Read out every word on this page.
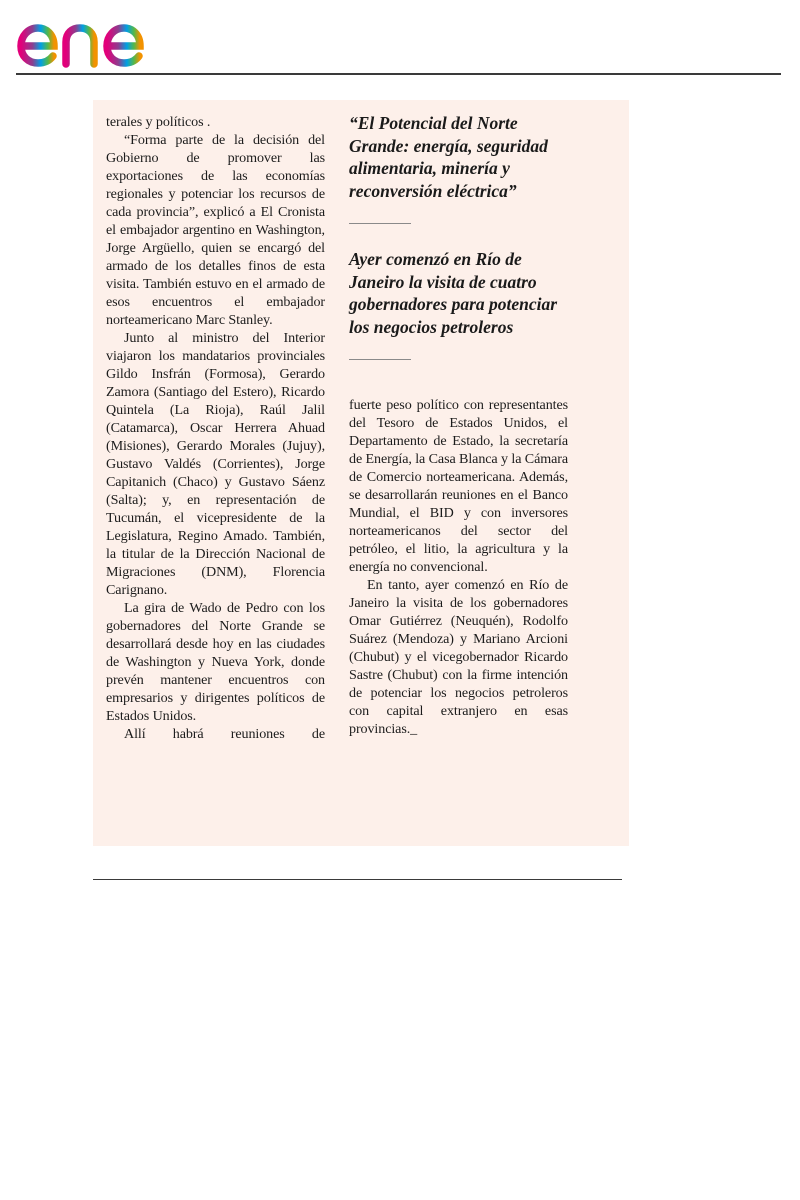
terales y políticos .

“Forma parte de la decisión del Gobierno de promover las exportaciones de las economías regionales y potenciar los recursos de cada provincia”, explicó a El Cronista el embajador argentino en Washington, Jorge Argüello, quien se encargó del armado de los detalles finos de esta visita. También estuvo en el armado de esos encuentros el embajador norteamericano Marc Stanley.

Junto al ministro del Interior viajaron los mandatarios provinciales Gildo Insfrán (Formosa), Gerardo Zamora (Santiago del Estero), Ricardo Quintela (La Rioja), Raúl Jalil (Catamarca), Oscar Herrera Ahuad (Misiones), Gerardo Morales (Jujuy), Gustavo Valdés (Corrientes), Jorge Capitanich (Chaco) y Gustavo Sáenz (Salta); y, en representación de Tucumán, el vicepresidente de la Legislatura, Regino Amado. También, la titular de la Dirección Nacional de Migraciones (DNM), Florencia Carignano.

La gira de Wado de Pedro con los gobernadores del Norte Grande se desarrollará desde hoy en las ciudades de Washington y Nueva York, donde prevén mantener encuentros con empresarios y dirigentes políticos de Estados Unidos.

Allí habrá reuniones de

“El Potencial del Norte Grande: energía, seguridad alimentaria, minería y reconversión eléctrica”
Ayer comenzó en Río de Janeiro la visita de cuatro gobernadores para potenciar los negocios petroleros

fuerte peso político con representantes del Tesoro de Estados Unidos, el Departamento de Estado, la secretaría de Energía, la Casa Blanca y la Cámara de Comercio norteamericana. Además, se desarrollarán reuniones en el Banco Mundial, el BID y con inversores norteamericanos del sector del petróleo, el litio, la agricultura y la energía no convencional.

En tanto, ayer comenzó en Río de Janeiro la visita de los gobernadores Omar Gutiérrez (Neuquén), Rodolfo Suárez (Mendoza) y Mariano Arcioni (Chubut) y el vicegobernador Ricardo Sastre (Chubut) con la firme intención de potenciar los negocios petroleros con capital extranjero en esas provincias._
